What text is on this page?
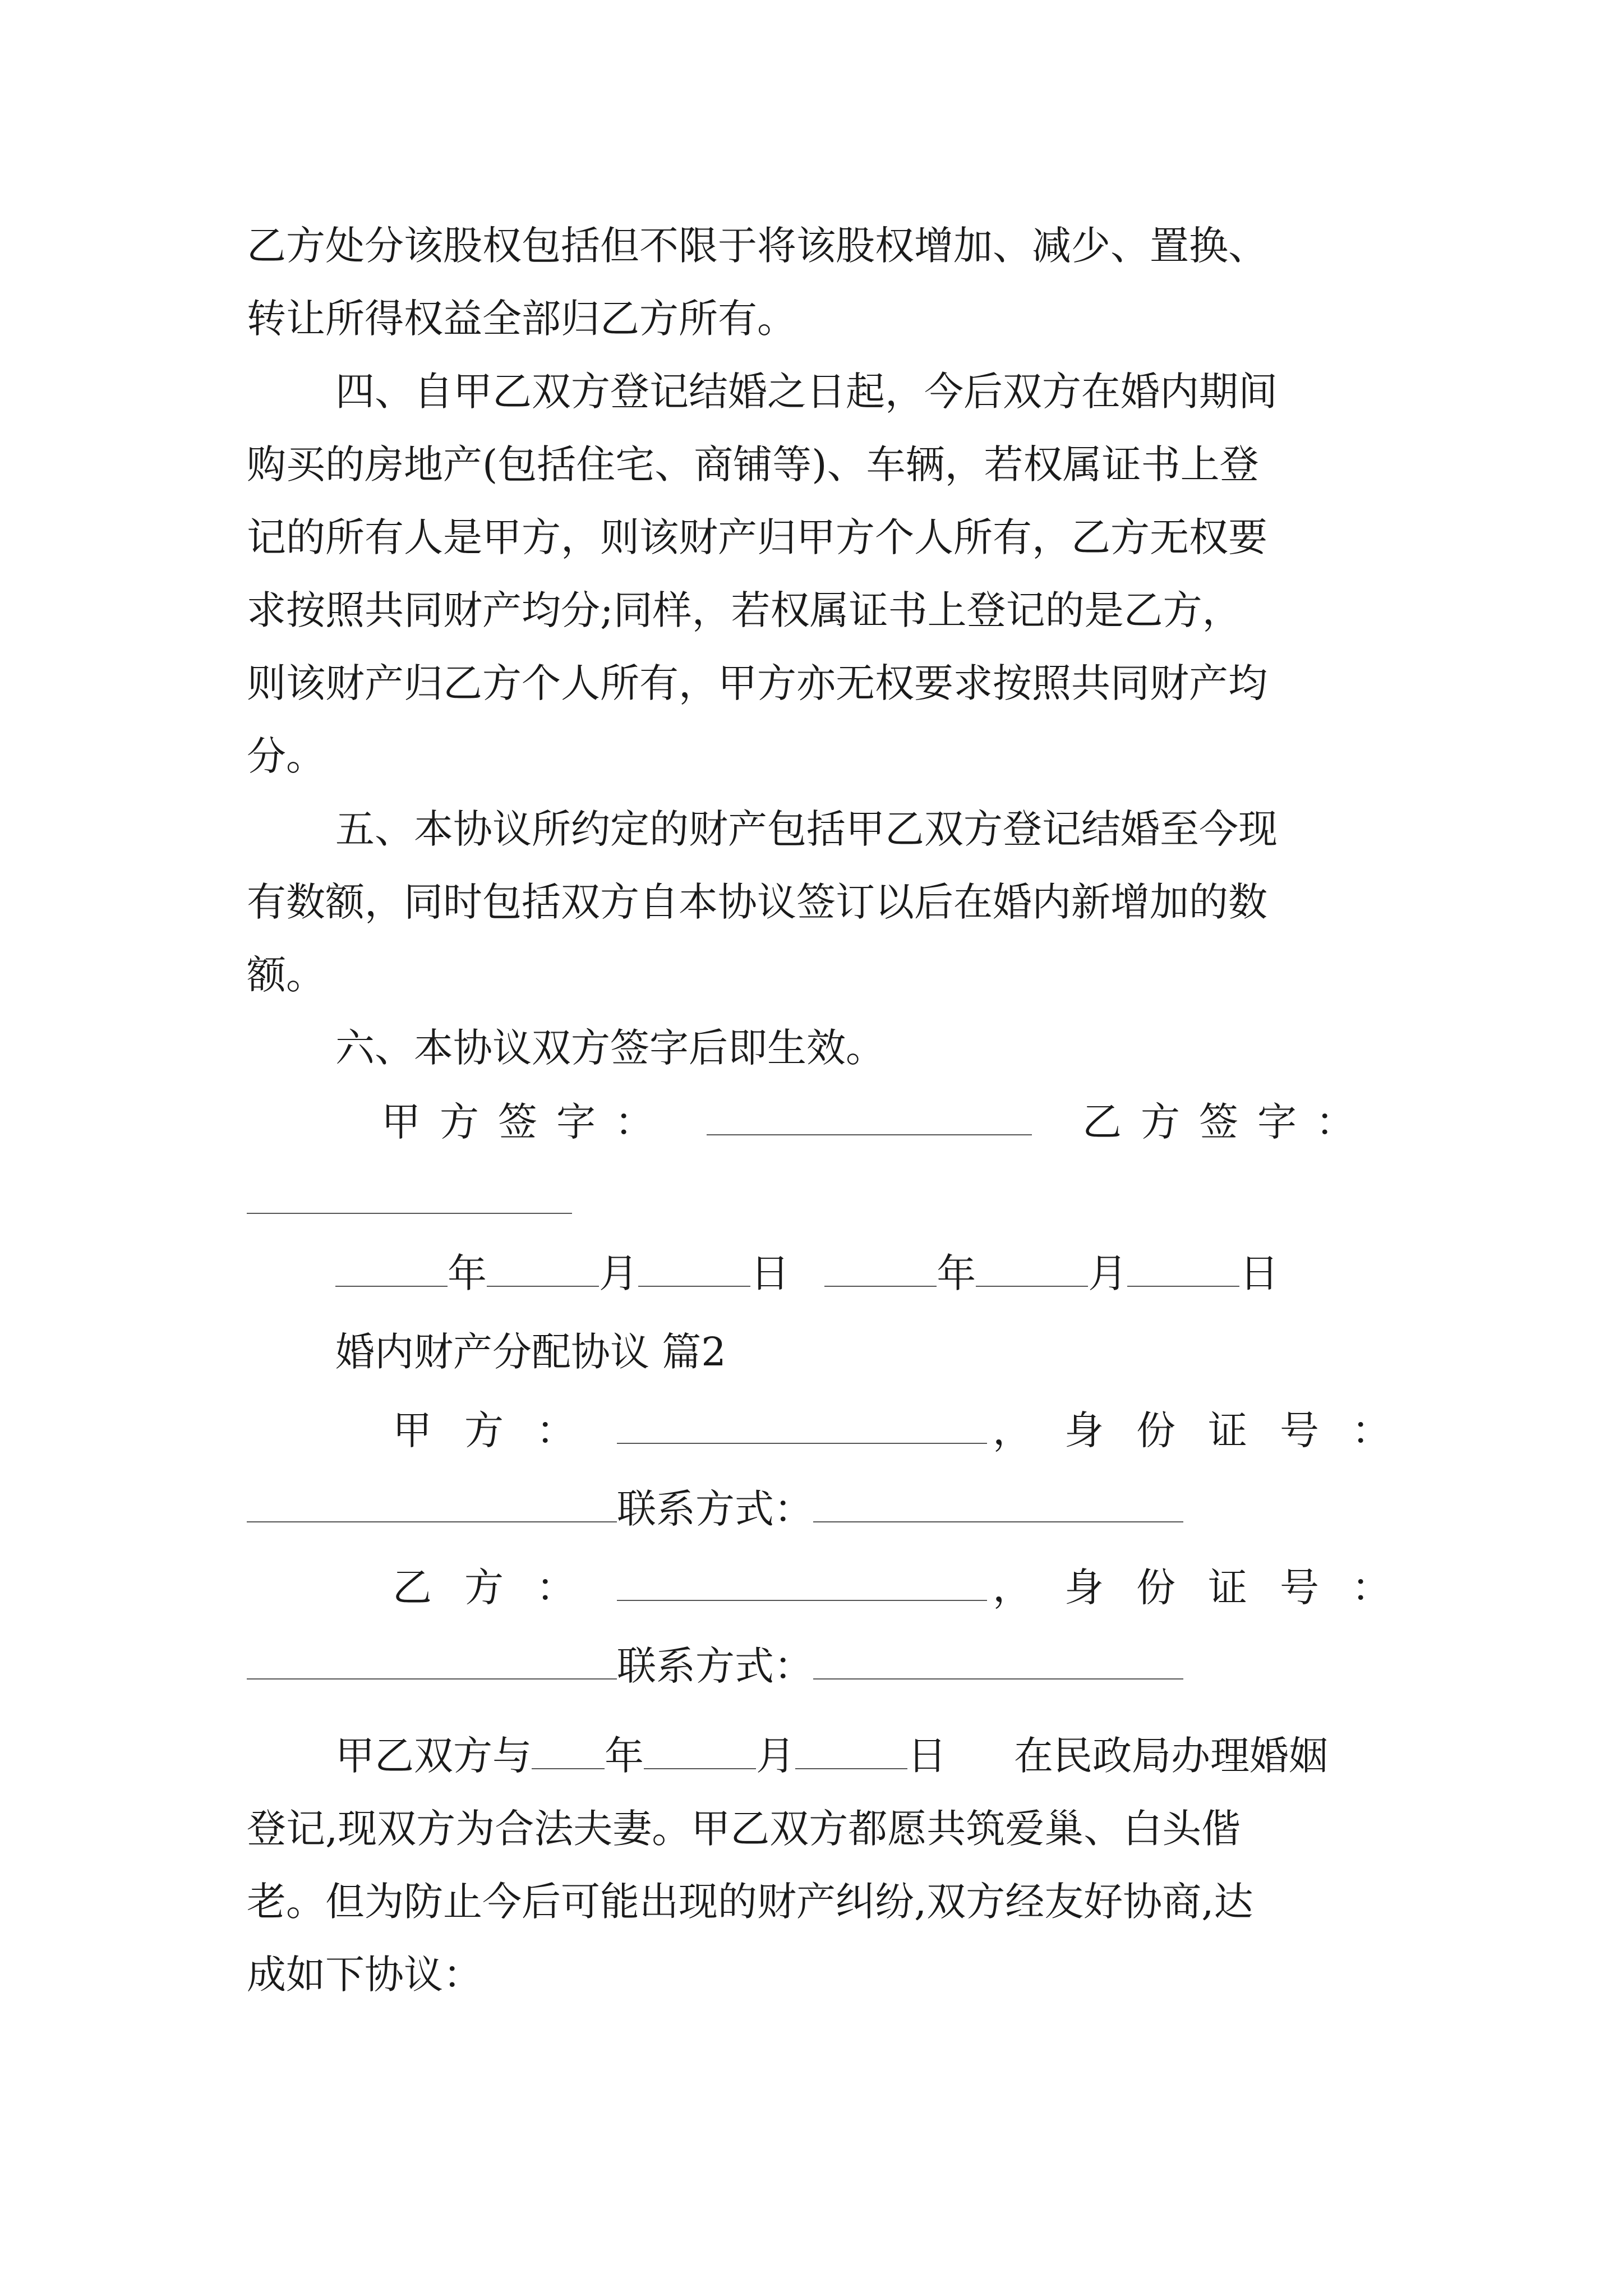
乙方处分该股权包括但不限于将该股权增加、减少、置换、
转让所得权益全部归乙方所有。
四、自甲乙双方登记结婚之日起，今后双方在婚内期间
购买的房地产(包括住宅、商铺等)、车辆，若权属证书上登
记的所有人是甲方，则该财产归甲方个人所有，乙方无权要
求按照共同财产均分;同样，若权属证书上登记的是乙方，
则该财产归乙方个人所有，甲方亦无权要求按照共同财产均
分。
五、本协议所约定的财产包括甲乙双方登记结婚至今现
有数额，同时包括双方自本协议签订以后在婚内新增加的数
额。
六、本协议双方签字后即生效。
甲方签字：	乙方签字：
年	月	日	年	月	日
婚内财产分配协议 篇2
甲方：	，身份证号：
联系方式：
乙方：	，身份证号：
联系方式：
甲乙双方与 年	月	日 在民政局办理婚姻
登记,现双方为合法夫妻。甲乙双方都愿共筑爱巢、白头偕
老。但为防止今后可能出现的财产纠纷,双方经友好协商,达
成如下协议：
